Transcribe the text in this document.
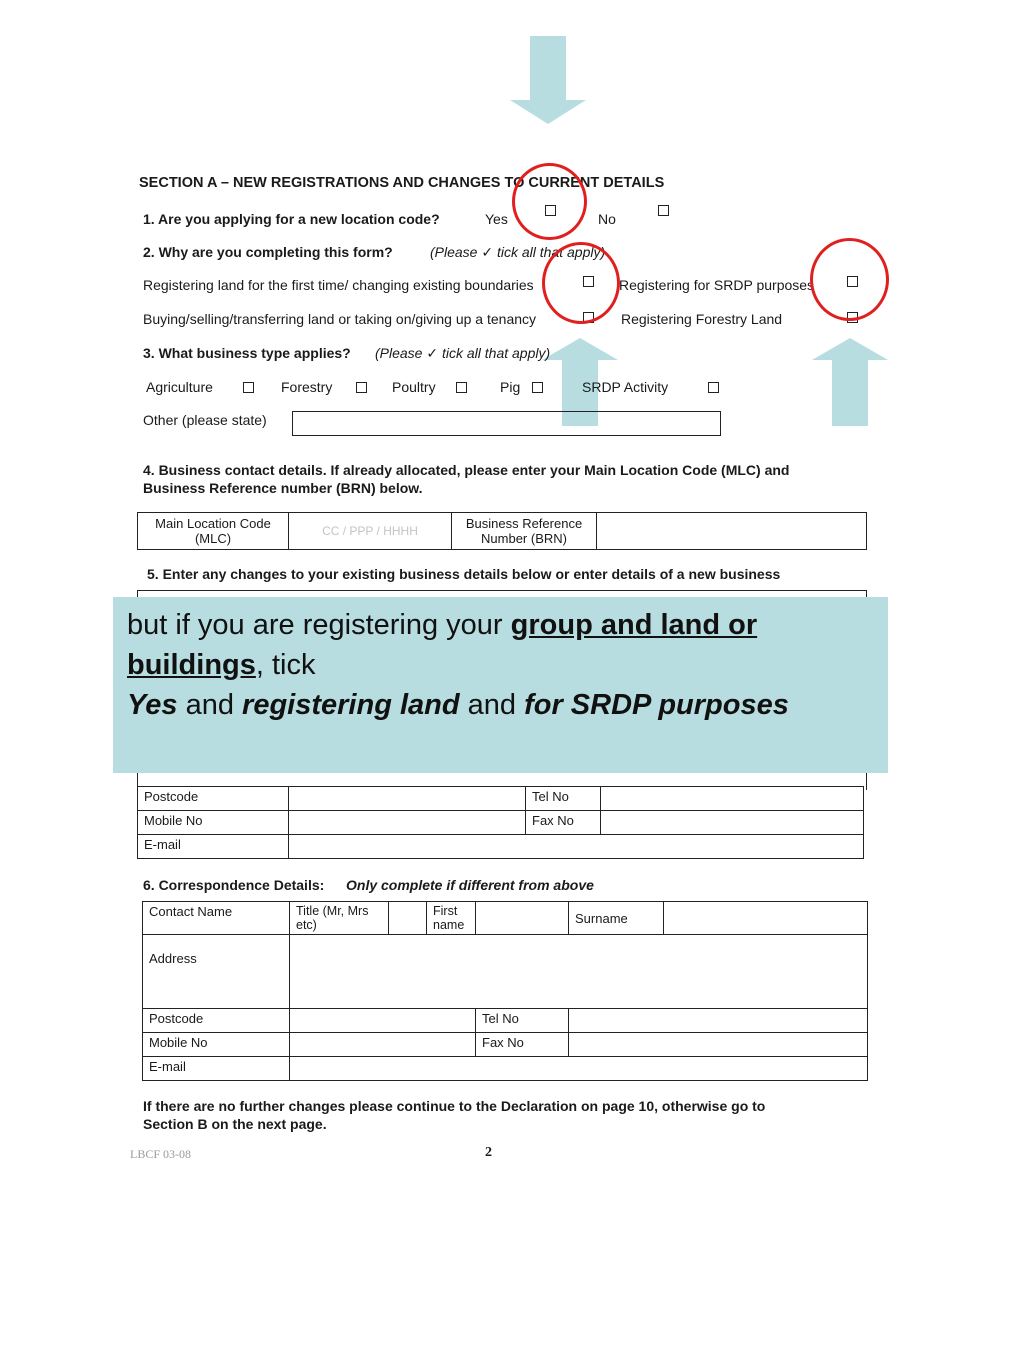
SECTION A – NEW REGISTRATIONS AND CHANGES TO CURRENT DETAILS
1. Are you applying for a new location code?	Yes	No
2. Why are you completing this form?	(Please ✓ tick all that apply)
Registering land for the first time/ changing existing boundaries	Registering for SRDP purposes
Buying/selling/transferring land or taking on/giving up a tenancy	Registering Forestry Land
3. What business type applies? (Please ✓ tick all that apply)
Agriculture	Forestry	Poultry	Pig	SRDP Activity
Other (please state)
4. Business contact details. If already allocated, please enter your Main Location Code (MLC) and
Business Reference number (BRN) below.
Main Location Code
(MLC)	CC / PPP / HHHH	Business Reference
Number (BRN)	
5. Enter any changes to your existing business details below or enter details of a new business
Postcode		Tel No	
Mobile No		Fax No	
E-mail			
but if you are registering your group and land or buildings, tick
Yes and registering land and for SRDP purposes
6. Correspondence Details: Only complete if different from above
Contact Name	Title (Mr, Mrs etc)		First name		Surname	
Address						
Postcode				Tel No		
Mobile No				Fax No		
E-mail						
If there are no further changes please continue to the Declaration on page 10, otherwise go to
Section B on the next page.
LBCF 03-08	2
